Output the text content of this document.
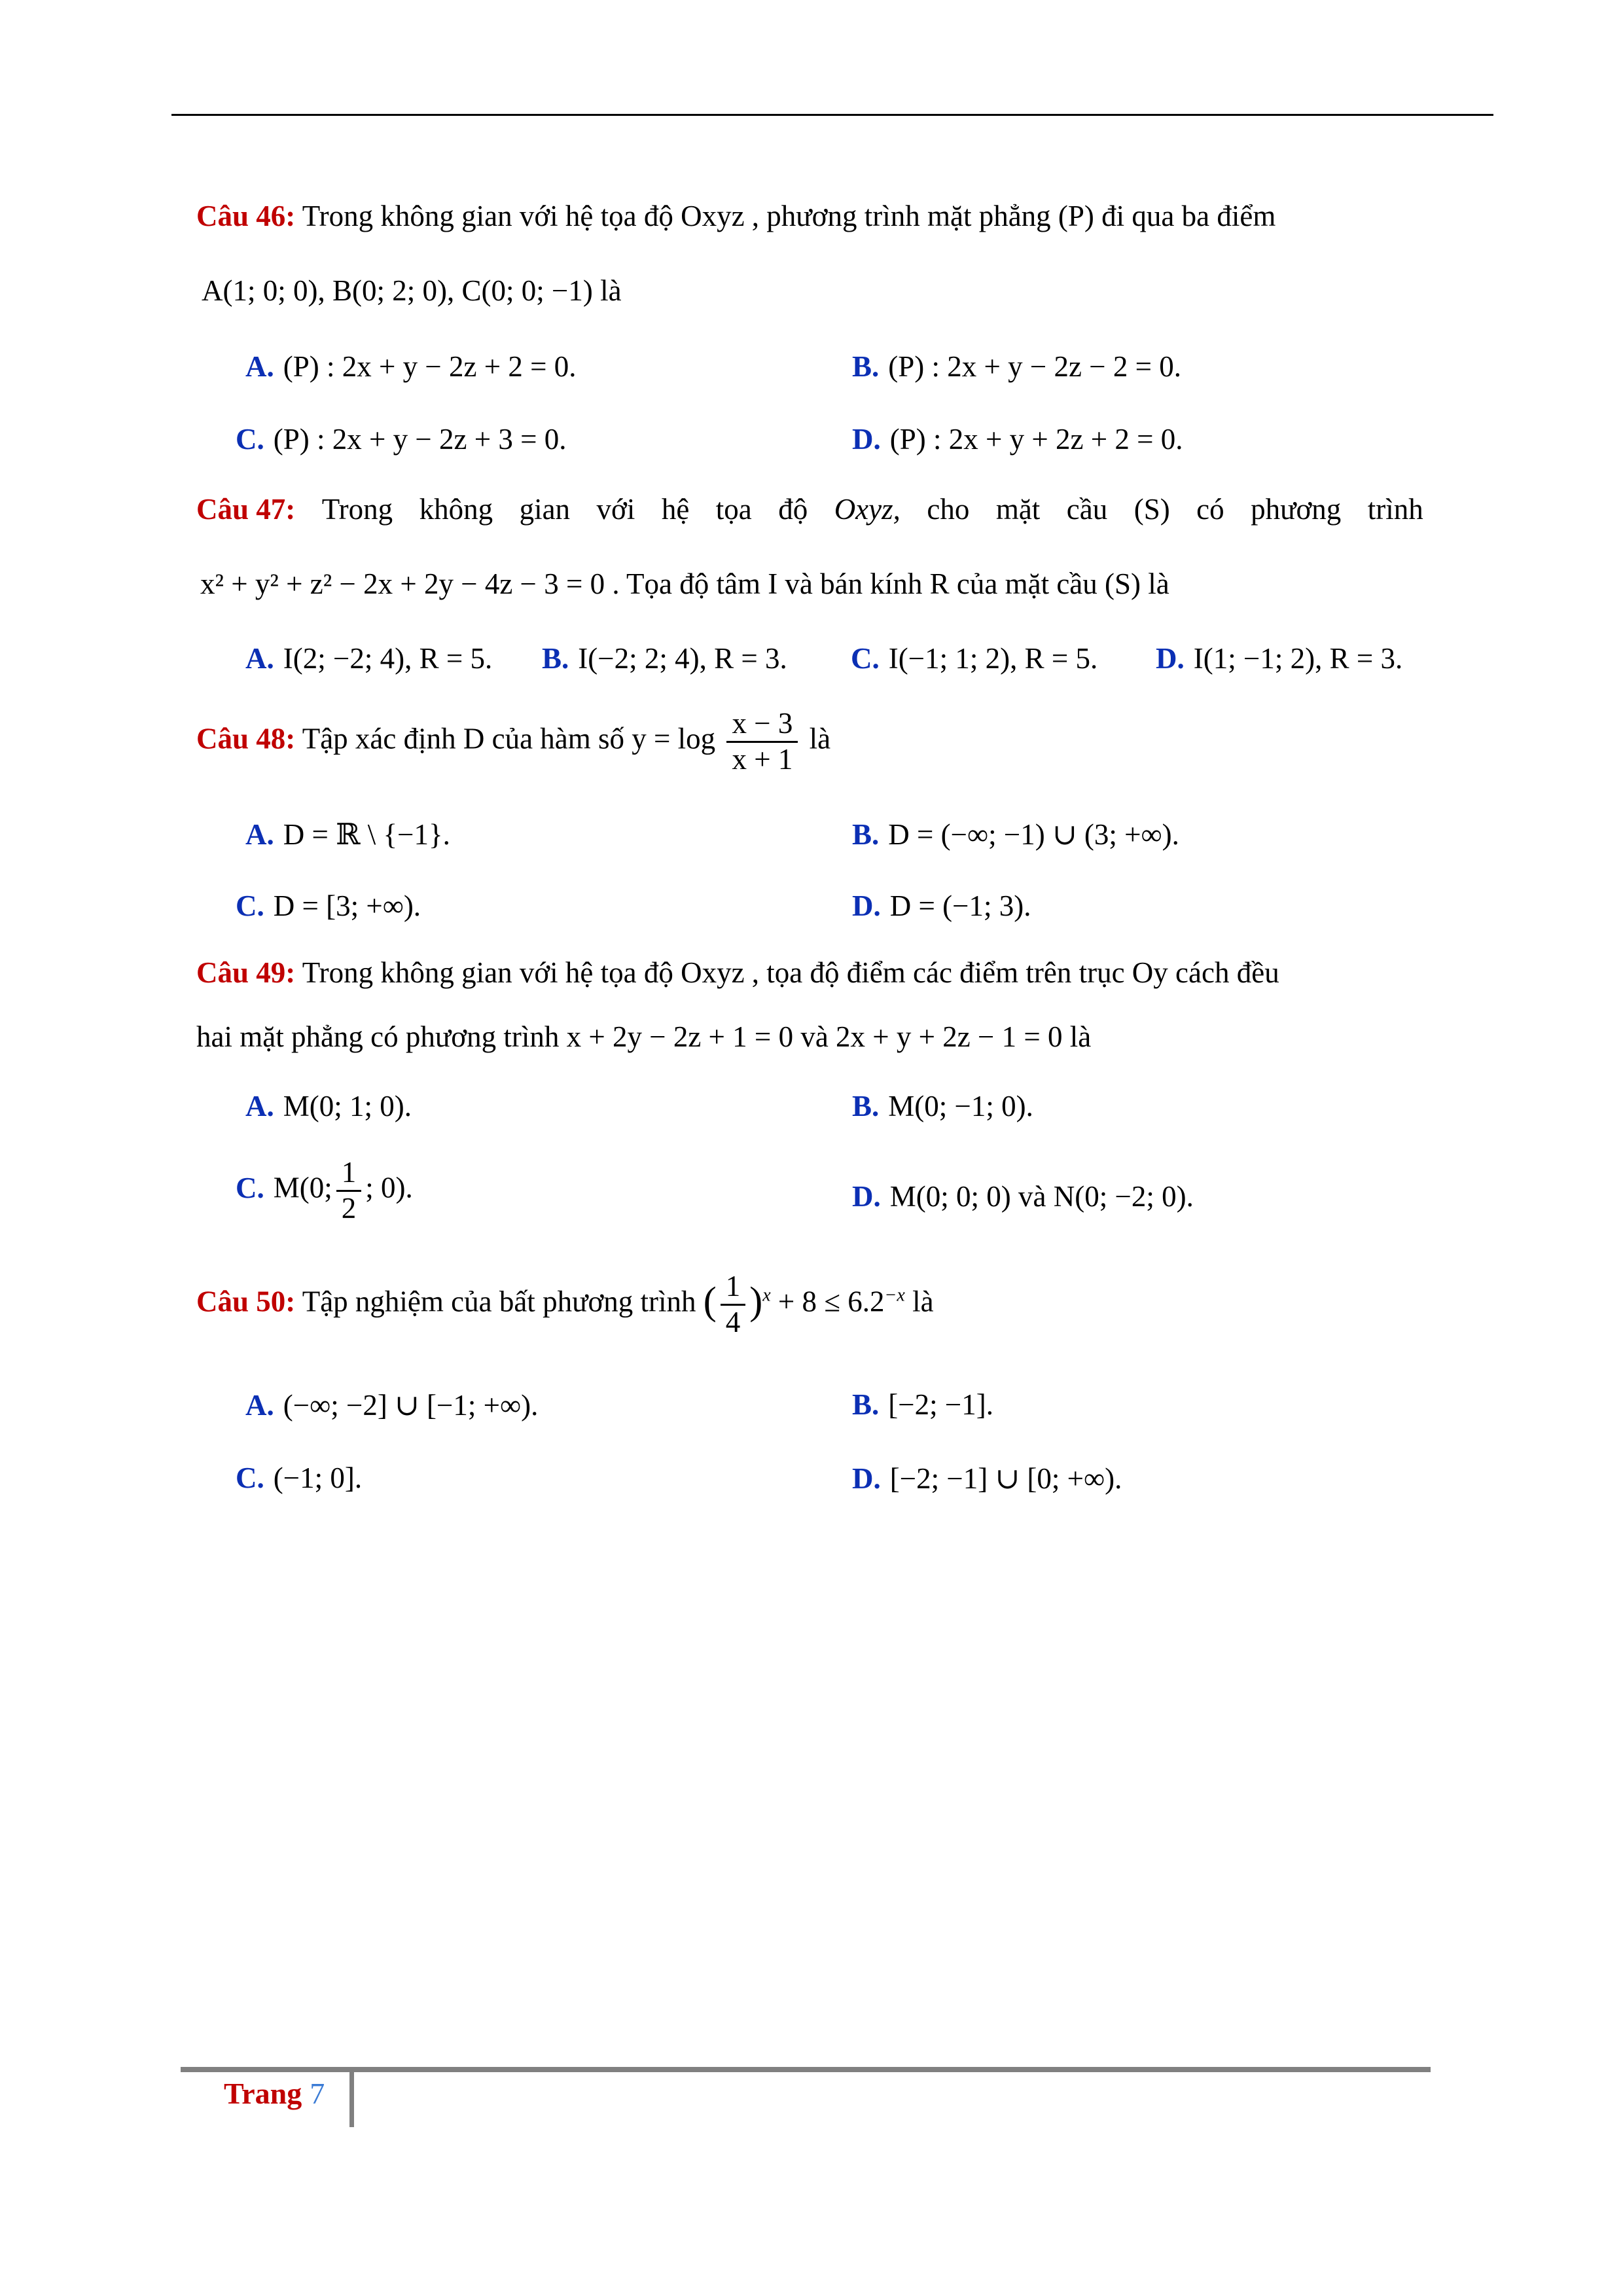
Câu 46: Trong không gian với hệ tọa độ Oxyz , phương trình mặt phẳng (P) đi qua ba điểm
A(1; 0; 0), B(0; 2; 0), C(0; 0; −1) là
A. (P) : 2x + y − 2z + 2 = 0.	B. (P) : 2x + y − 2z − 2 = 0.
C. (P) : 2x + y − 2z + 3 = 0.	D. (P) : 2x + y + 2z + 2 = 0.
Câu 47: Trong không gian với hệ tọa độ Oxyz, cho mặt cầu (S) có phương trình
x² + y² + z² − 2x + 2y − 4z − 3 = 0 . Tọa độ tâm I và bán kính R của mặt cầu (S) là
A. I(2; −2; 4), R = 5. B. I(−2; 2; 4), R = 3. C. I(−1; 1; 2), R = 5. D. I(1; −1; 2), R = 3.
Câu 48: Tập xác định D của hàm số $y = \log \frac{x - 3}{x + 1}$ là
A. D = ℝ \ {−1}.	B. D = (−∞; −1) ∪ (3; +∞).
C. D = [3; +∞).	D. D = (−1; 3).
Câu 49: Trong không gian với hệ tọa độ Oxyz , tọa độ điểm các điểm trên trục Oy cách đều
hai mặt phẳng có phương trình x + 2y − 2z + 1 = 0 và 2x + y + 2z − 1 = 0 là
A. M(0; 1; 0).	B. M(0; −1; 0).
C. M(0; $\frac{1}{2}$ ; 0).	D. M(0; 0; 0) và N(0; −2; 0).
Câu 50: Tập nghiệm của bất phương trình ( $\frac{1}{4} )^x + 8 \le 6.2^{-x}$ là
A. (−∞; −2] ∪ [−1; +∞).	B. [−2; −1].
C. (−1; 0].	D. [−2; −1] ∪ [0; +∞).
Trang 7
